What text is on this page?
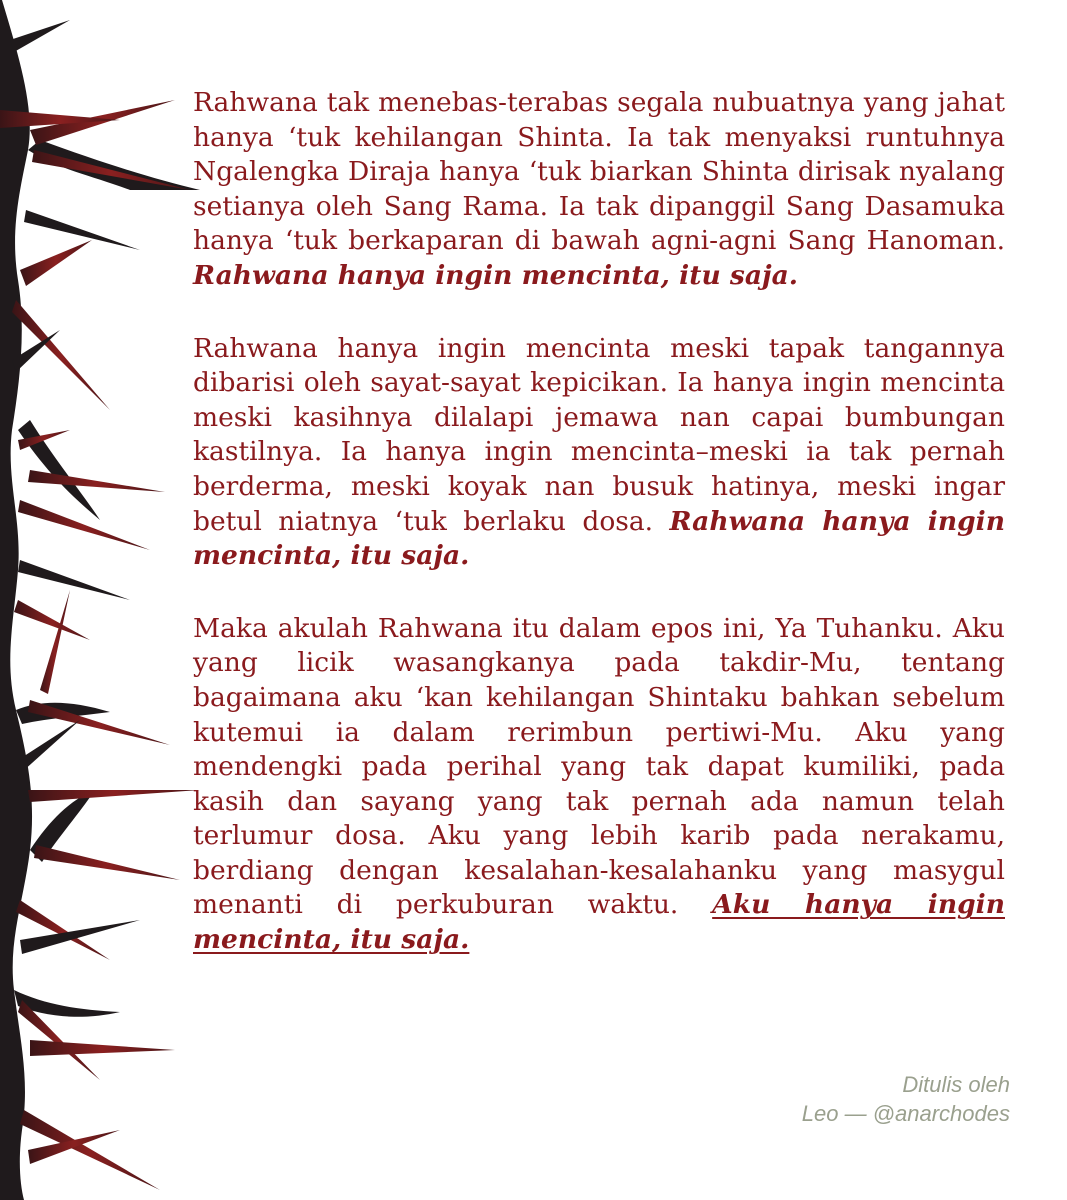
Rahwana tak menebas-terabas segala nubuatnya yang jahat hanya ‘tuk kehilangan Shinta. Ia tak menyaksi runtuhnya Ngalengka Diraja hanya ‘tuk biarkan Shinta dirisak nyalang setianya oleh Sang Rama. Ia tak dipanggil Sang Dasamuka hanya ‘tuk berkaparan di bawah agni-agni Sang Hanoman. Rahwana hanya ingin mencinta, itu saja.

Rahwana hanya ingin mencinta meski tapak tangannya dibarisi oleh sayat-sayat kepicikan. Ia hanya ingin mencinta meski kasihnya dilalapi jemawa nan capai bumbungan kastilnya. Ia hanya ingin mencinta–meski ia tak pernah berderma, meski koyak nan busuk hatinya, meski ingar betul niatnya ‘tuk berlaku dosa. Rahwana hanya ingin mencinta, itu saja.

Maka akulah Rahwana itu dalam epos ini, Ya Tuhanku. Aku yang licik wasangkanya pada takdir-Mu, tentang bagaimana aku ‘kan kehilangan Shintaku bahkan sebelum kutemui ia dalam rerimbun pertiwi-Mu. Aku yang mendengki pada perihal yang tak dapat kumiliki, pada kasih dan sayang yang tak pernah ada namun telah terlumur dosa. Aku yang lebih karib pada nerakamu, berdiang dengan kesalahan-kesalahanku yang masygul menanti di perkuburan waktu. Aku hanya ingin mencinta, itu saja.

Ditulis oleh
Leo — @anarchodes
